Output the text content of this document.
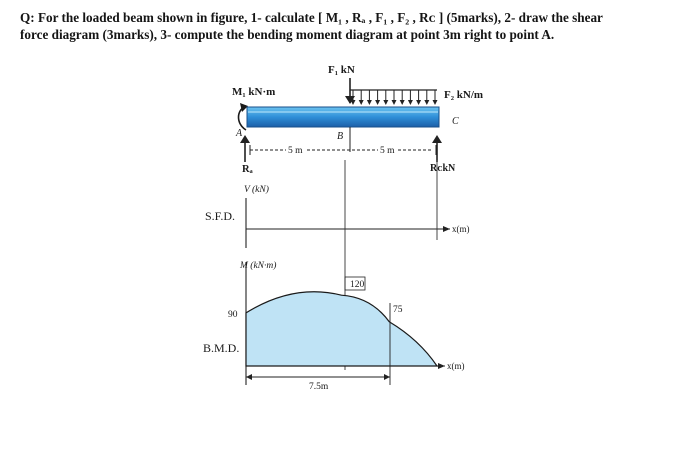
Q: For the loaded beam shown in figure, 1- calculate [ M₁ , Rₐ , F₁ , F₂ , Rᴄ ] (5marks), 2- draw the shear
force diagram (3marks), 3- compute the bending moment diagram at point 3m right to point A.
F₁ kN
F₂ kN/m
M₁ kN·m
A	B
C
5 m	5 m
Rₐ	RᴄkN
S.F.D.
V (kN)
x(m)
M (kN·m)
x(m)
B.M.D.
90
120
75
7.5m
